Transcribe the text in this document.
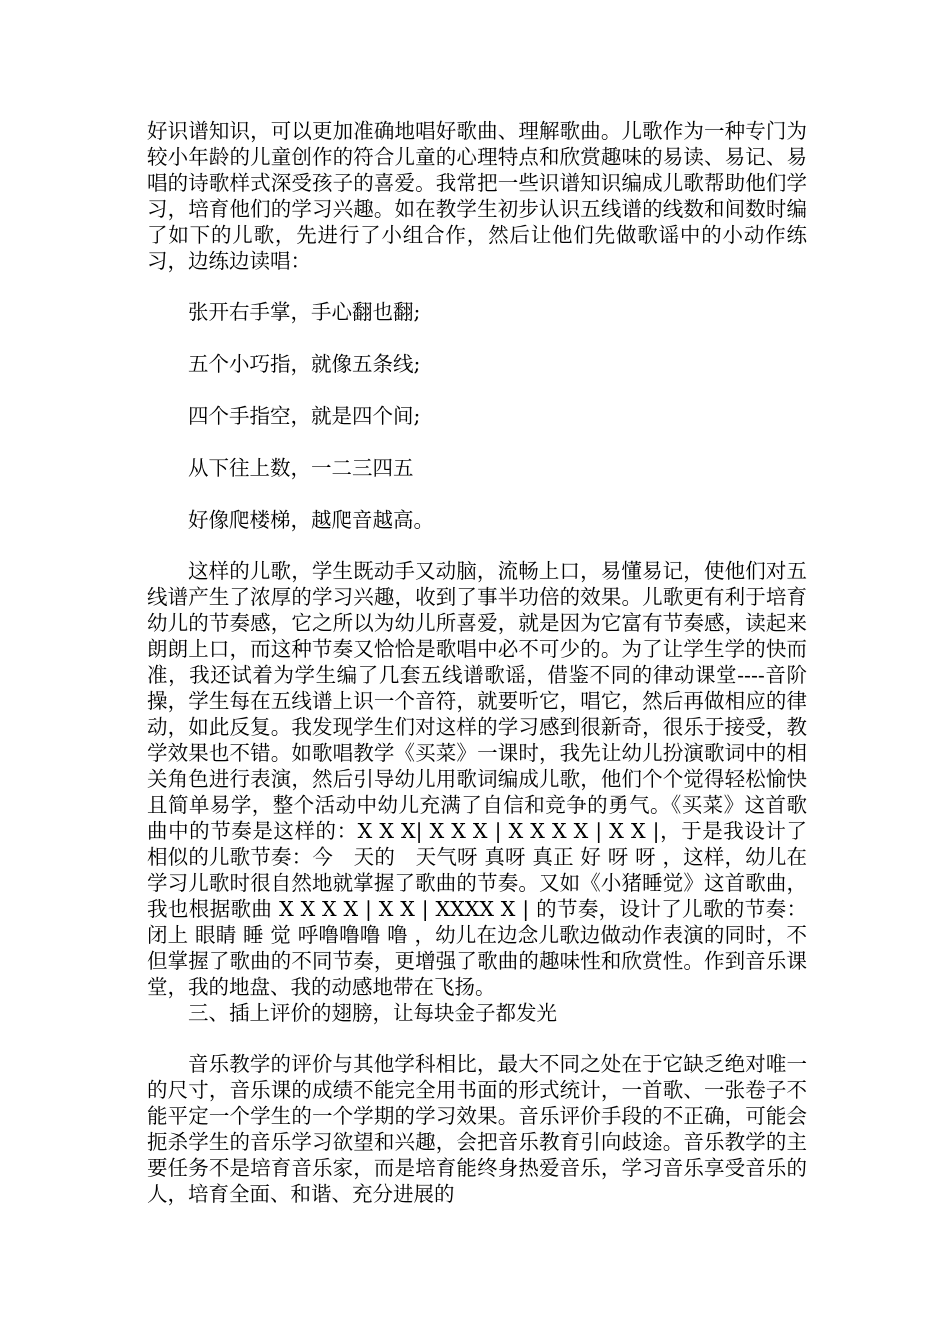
好识谱知识，可以更加准确地唱好歌曲、理解歌曲。儿歌作为一种专门为较小年龄的儿童创作的符合儿童的心理特点和欣赏趣味的易读、易记、易唱的诗歌样式深受孩子的喜爱。我常把一些识谱知识编成儿歌帮助他们学习，培育他们的学习兴趣。如在教学生初步认识五线谱的线数和间数时编了如下的儿歌，先进行了小组合作，然后让他们先做歌谣中的小动作练习，边练边读唱：

张开右手掌，手心翻也翻;

五个小巧指，就像五条线;

四个手指空，就是四个间;

从下往上数，一二三四五

好像爬楼梯，越爬音越高。

这样的儿歌，学生既动手又动脑，流畅上口，易懂易记，使他们对五线谱产生了浓厚的学习兴趣，收到了事半功倍的效果。儿歌更有利于培育幼儿的节奏感，它之所以为幼儿所喜爱，就是因为它富有节奏感，读起来朗朗上口，而这种节奏又恰恰是歌唱中必不可少的。为了让学生学的快而准，我还试着为学生编了几套五线谱歌谣，借鉴不同的律动课堂----音阶操，学生每在五线谱上识一个音符，就要听它，唱它，然后再做相应的律动，如此反复。我发现学生们对这样的学习感到很新奇，很乐于接受，教学效果也不错。如歌唱教学《买菜》一课时，我先让幼儿扮演歌词中的相关角色进行表演，然后引导幼儿用歌词编成儿歌，他们个个觉得轻松愉快且简单易学，整个活动中幼儿充满了自信和竞争的勇气。《买菜》这首歌曲中的节奏是这样的：X X X| X X X | X X X X | X X |，于是我设计了相似的儿歌节奏：今　天的　天气呀 真呀 真正 好 呀 呀 ，这样，幼儿在学习儿歌时很自然地就掌握了歌曲的节奏。又如《小猪睡觉》这首歌曲，我也根据歌曲 X X X X | X X | XXXX X | 的节奏，设计了儿歌的节奏：闭上 眼睛 睡 觉 呼噜噜噜 噜 ，幼儿在边念儿歌边做动作表演的同时，不但掌握了歌曲的不同节奏，更增强了歌曲的趣味性和欣赏性。作到音乐课堂，我的地盘、我的动感地带在飞扬。

三、插上评价的翅膀，让每块金子都发光

音乐教学的评价与其他学科相比，最大不同之处在于它缺乏绝对唯一的尺寸，音乐课的成绩不能完全用书面的形式统计，一首歌、一张卷子不能平定一个学生的一个学期的学习效果。音乐评价手段的不正确，可能会扼杀学生的音乐学习欲望和兴趣，会把音乐教育引向歧途。音乐教学的主要任务不是培育音乐家，而是培育能终身热爱音乐，学习音乐享受音乐的人，培育全面、和谐、充分进展的
